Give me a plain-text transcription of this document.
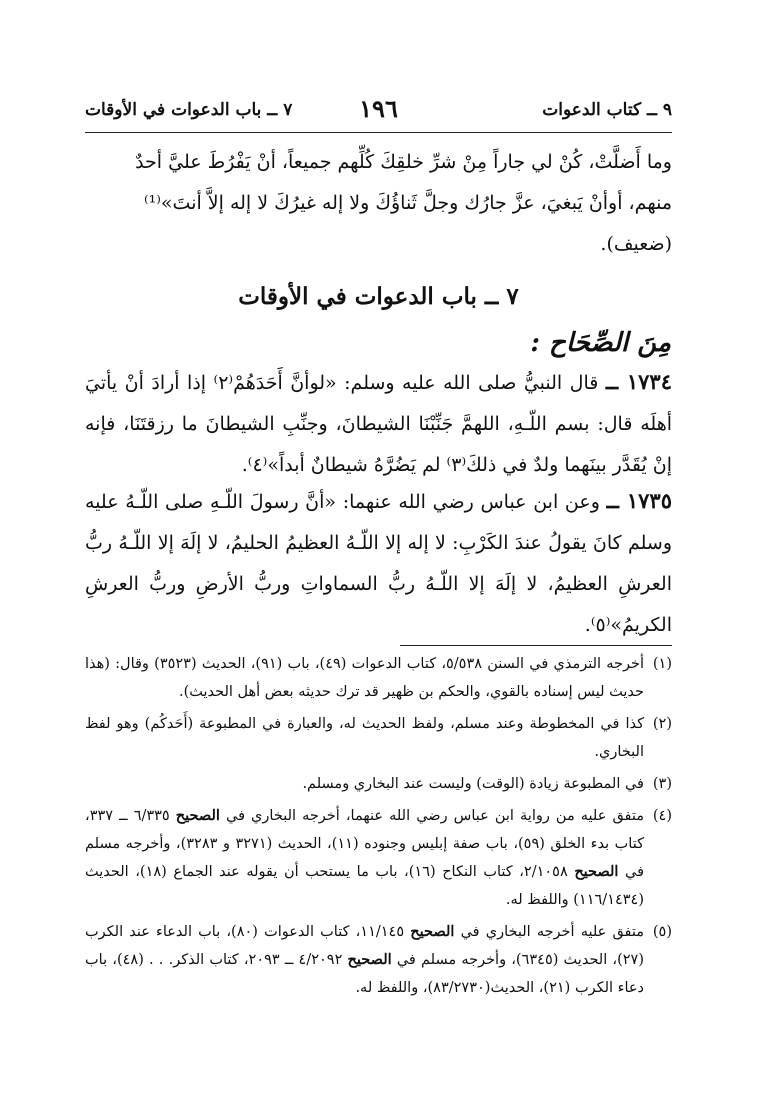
٩ ــ كتاب الدعوات
١٩٦
٧ ــ باب الدعوات في الأوقات
وما أَضلَّتْ، كُنْ لي جاراً مِنْ شرِّ خلقِكَ كُلِّهم جميعاً، أنْ يَفْرُطَ عليَّ أحدٌ
منهم، أوأنْ يَبغيَ، عزَّ جارُك وجلَّ ثَناؤُكَ ولا إله غيرُكَ لا إله إلاَّ أنتَ»⁽¹⁾
(ضعيف).
٧ ــ باب الدعوات في الأوقات
مِنَ الصِّحَاح :
١٧٣٤ ــ قال النبيُّ صلى الله عليه وسلم: «لوأنَّ أَحَدَهُمْ⁽٢⁾ إذا أرادَ أنْ يأتيَ أهلَه قال: بسم اللّـهِ، اللهمَّ جَنِّبْنَا الشيطانَ، وجنِّبِ الشيطانَ ما رزقتَنَا، فإنه إنْ يُقَدَّر بينَهما ولدٌ في ذلكَ⁽٣⁾ لم يَضُرَّهُ شيطانٌ أبداً»⁽٤⁾.
١٧٣٥ ــ وعن ابن عباس رضي الله عنهما: «أنَّ رسولَ اللّـهِ صلى اللّـهُ عليه وسلم كانَ يقولُ عندَ الكَرْبِ: لا إله إلا اللّـهُ العظيمُ الحليمُ، لا إلَهَ إلا اللّـهُ ربُّ العرشِ العظيمُ، لا إلَهَ إلا اللّـهُ ربُّ السماواتِ وربُّ الأرضِ وربُّ العرشِ الكريمُ»⁽٥⁾.
(١)
أخرجه الترمذي في السنن ٥/٥٣٨، كتاب الدعوات (٤٩)، باب (٩١)، الحديث (٣٥٢٣) وقال: (هذا حديث ليس إسناده بالقوي، والحكم بن ظهير قد ترك حديثه بعض أهل الحديث).
(٢)
كذا في المخطوطة وعند مسلم، ولفظ الحديث له، والعبارة في المطبوعة (أَحَدكُم) وهو لفظ البخاري.
(٣)
في المطبوعة زيادة (الوقت) وليست عند البخاري ومسلم.
(٤)
متفق عليه من رواية ابن عباس رضي الله عنهما، أخرجه البخاري في الصحيح ٦/٣٣٥ ــ ٣٣٧، كتاب بدء الخلق (٥٩)، باب صفة إبليس وجنوده (١١)، الحديث (٣٢٧١ و ٣٢٨٣)، وأخرجه مسلم في الصحيح ٢/١٠٥٨، كتاب النكاح (١٦)، باب ما يستحب أن يقوله عند الجماع (١٨)، الحديث (١١٦/١٤٣٤) واللفظ له.
(٥)
متفق عليه أخرجه البخاري في الصحيح ١١/١٤٥، كتاب الدعوات (٨٠)، باب الدعاء عند الكرب (٢٧)، الحديث (٦٣٤٥)، وأخرجه مسلم في الصحيح ٤/٢٠٩٢ ــ ٢٠٩٣، كتاب الذكر. . . (٤٨)، باب دعاء الكرب (٢١)، الحديث(٨٣/٢٧٣٠)، واللفظ له.
